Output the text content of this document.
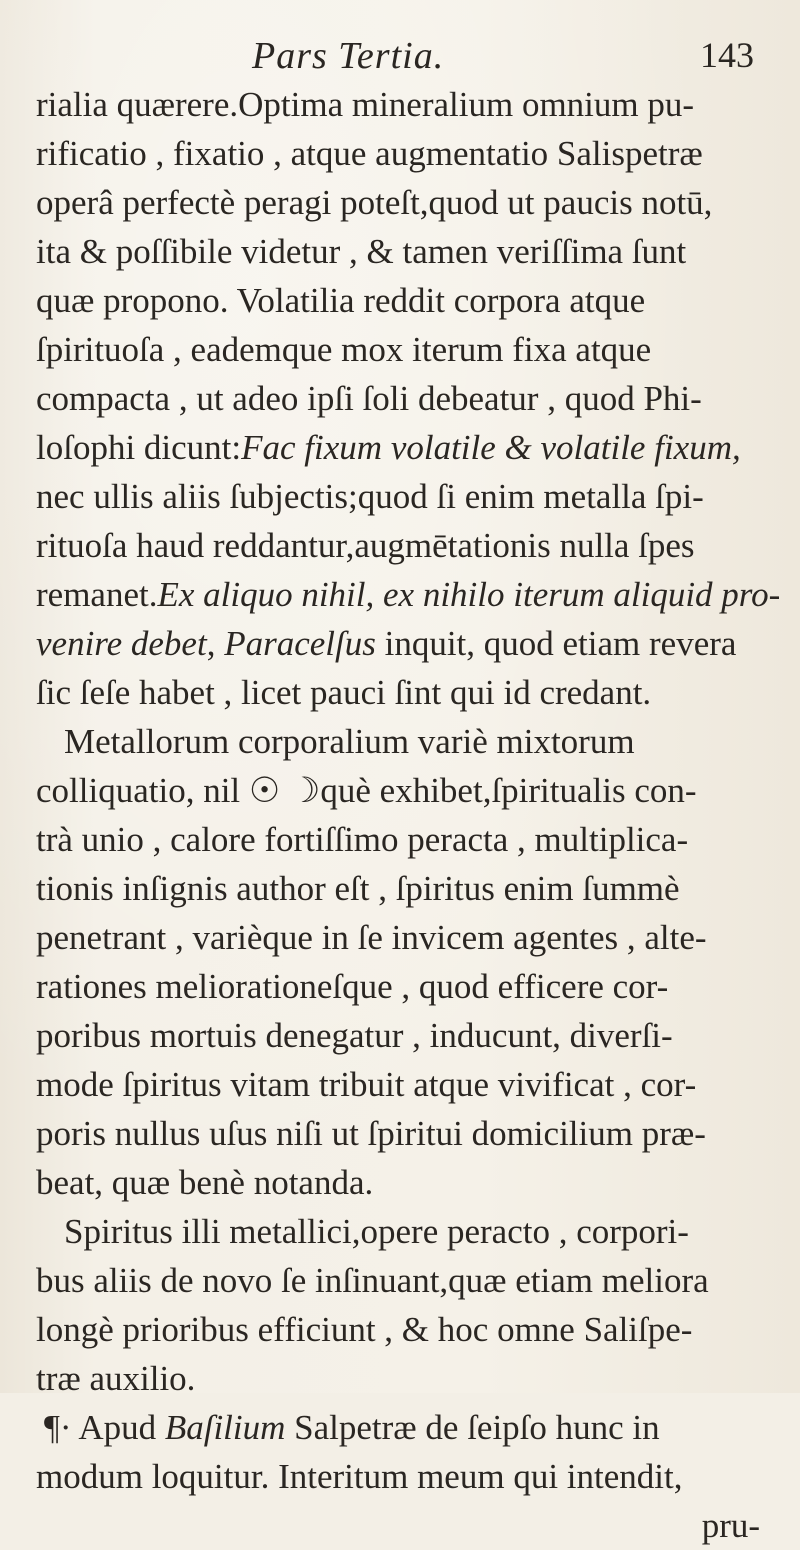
Pars Tertia.	143
rialia quærere.Optima mineralium omnium pu-
rificatio , fixatio , atque augmentatio Salispetræ
operâ perfectè peragi poteſt,quod ut paucis notū,
ita & poſſibile videtur , & tamen veriſſima ſunt
quæ propono. Volatilia reddit corpora atque
ſpirituoſa , eademque mox iterum fixa atque
compacta , ut adeo ipſi ſoli debeatur , quod Phi-
loſophi dicunt:Fac fixum volatile & volatile fixum,
nec ullis aliis ſubjectis;quod ſi enim metalla ſpi-
rituoſa haud reddantur,augmētationis nulla ſpes
remanet.Ex aliquo nihil, ex nihilo iterum aliquid pro-
venire debet, Paracelſus inquit, quod etiam revera
ſic ſeſe habet , licet pauci ſint qui id credant.
Metallorum corporalium variè mixtorum
colliquatio, nil ☉ ☽què exhibet,ſpiritualis con-
trà unio , calore fortiſſimo peracta , multiplica-
tionis inſignis author eſt , ſpiritus enim ſummè
penetrant , varièque in ſe invicem agentes , alte-
rationes meliorationeſque , quod efficere cor-
poribus mortuis denegatur , inducunt, diverſi-
mode ſpiritus vitam tribuit atque vivificat , cor-
poris nullus uſus niſi ut ſpiritui domicilium præ-
beat, quæ benè notanda.
Spiritus illi metallici,opere peracto , corpori-
bus aliis de novo ſe inſinuant,quæ etiam meliora
longè prioribus efficiunt , & hoc omne Saliſpe-
træ auxilio.
¶· Apud Baſilium Salpetræ de ſeipſo hunc in
modum loquitur. Interitum meum qui intendit,
pru-
